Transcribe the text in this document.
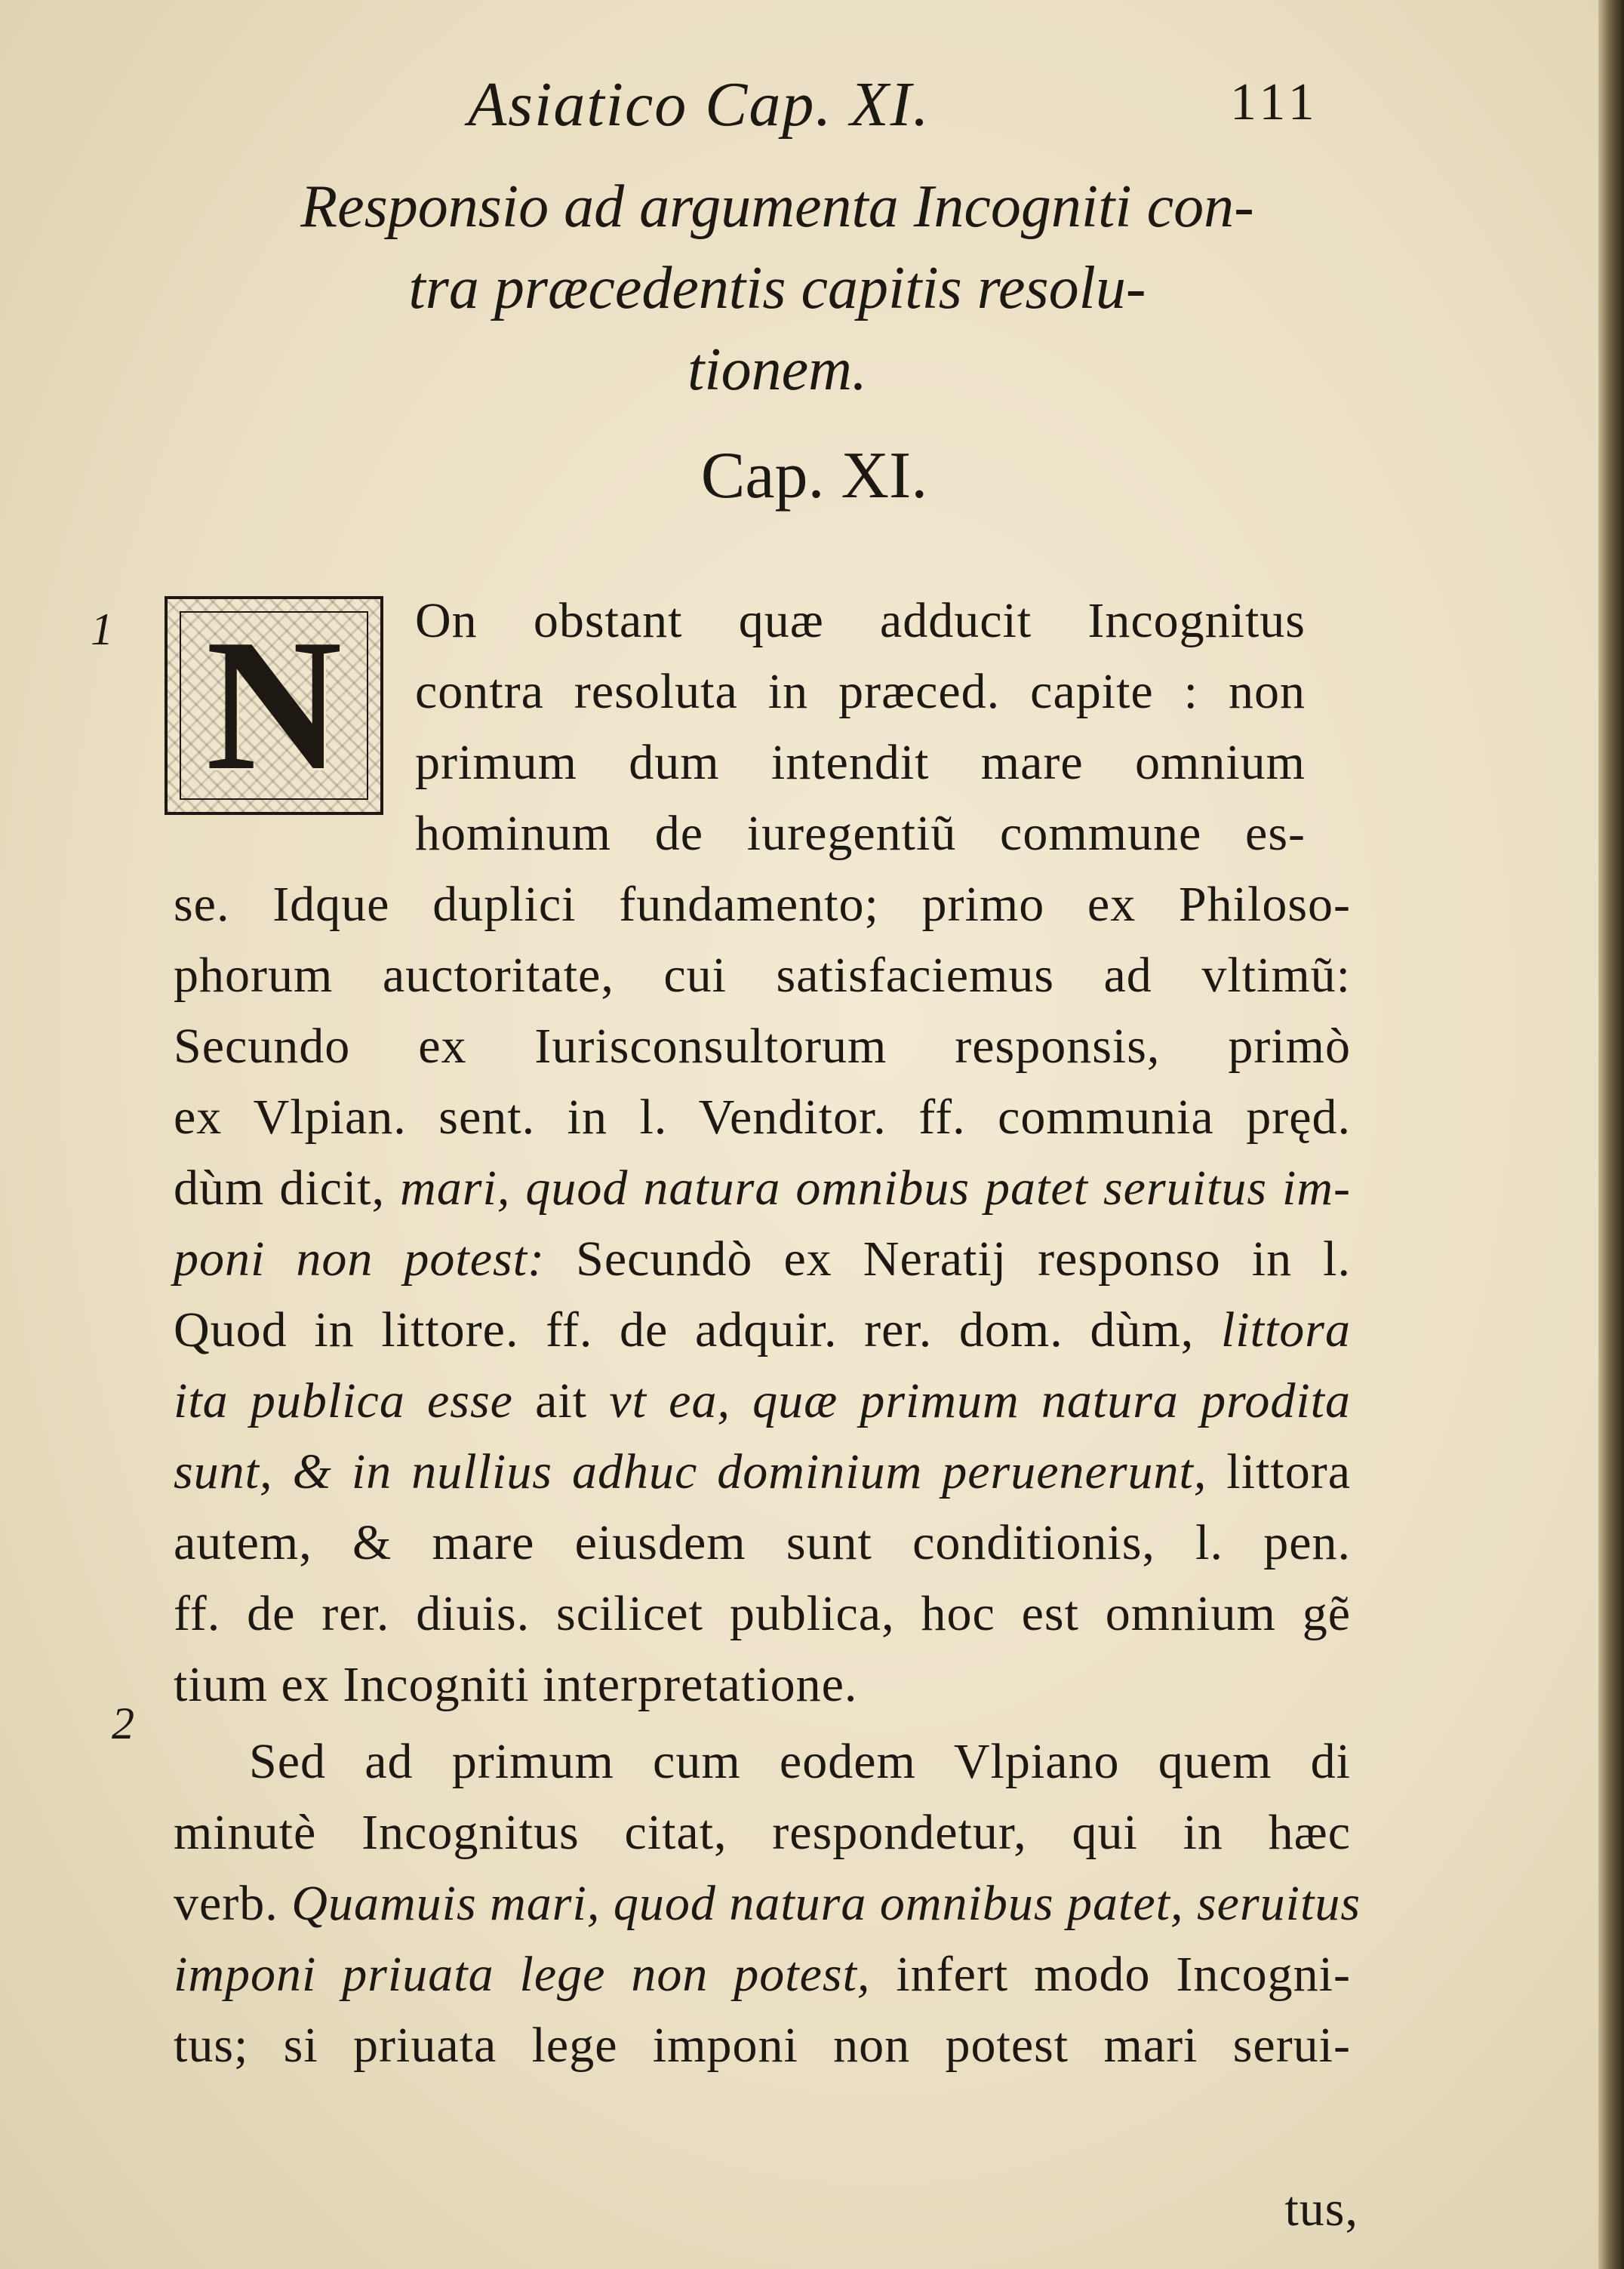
Asiatico Cap. XI.	111
Responsio ad argumenta Incogniti con-
tra præcedentis capitis resolu-
tionem.
Cap. XI.
1
2
N	On obstant quæ adducit Incognitus
contra resoluta in præced. capite : non
primum dum intendit mare omnium
hominum de iuregentiũ commune es-
se. Idque duplici fundamento; primo ex Philoso-
phorum auctoritate, cui satisfaciemus ad vltimũ:
Secundo ex Iurisconsultorum responsis, primò
ex Vlpian. sent. in l. Venditor. ff. communia pręd.
dùm dicit, mari, quod natura omnibus patet seruitus im-
poni non potest: Secundò ex Neratij responso in l.
Quod in littore. ff. de adquir. rer. dom. dùm, littora
ita publica esse ait vt ea, quæ primum natura prodita
sunt, & in nullius adhuc dominium peruenerunt, littora
autem, & mare eiusdem sunt conditionis, l. pen.
ff. de rer. diuis. scilicet publica, hoc est omnium gẽ
tium ex Incogniti interpretatione.
Sed ad primum cum eodem Vlpiano quem di
minutè Incognitus citat, respondetur, qui in hæc
verb. Quamuis mari, quod natura omnibus patet, seruitus
imponi priuata lege non potest, infert modo Incogni-
tus; si priuata lege imponi non potest mari serui-
tus,
